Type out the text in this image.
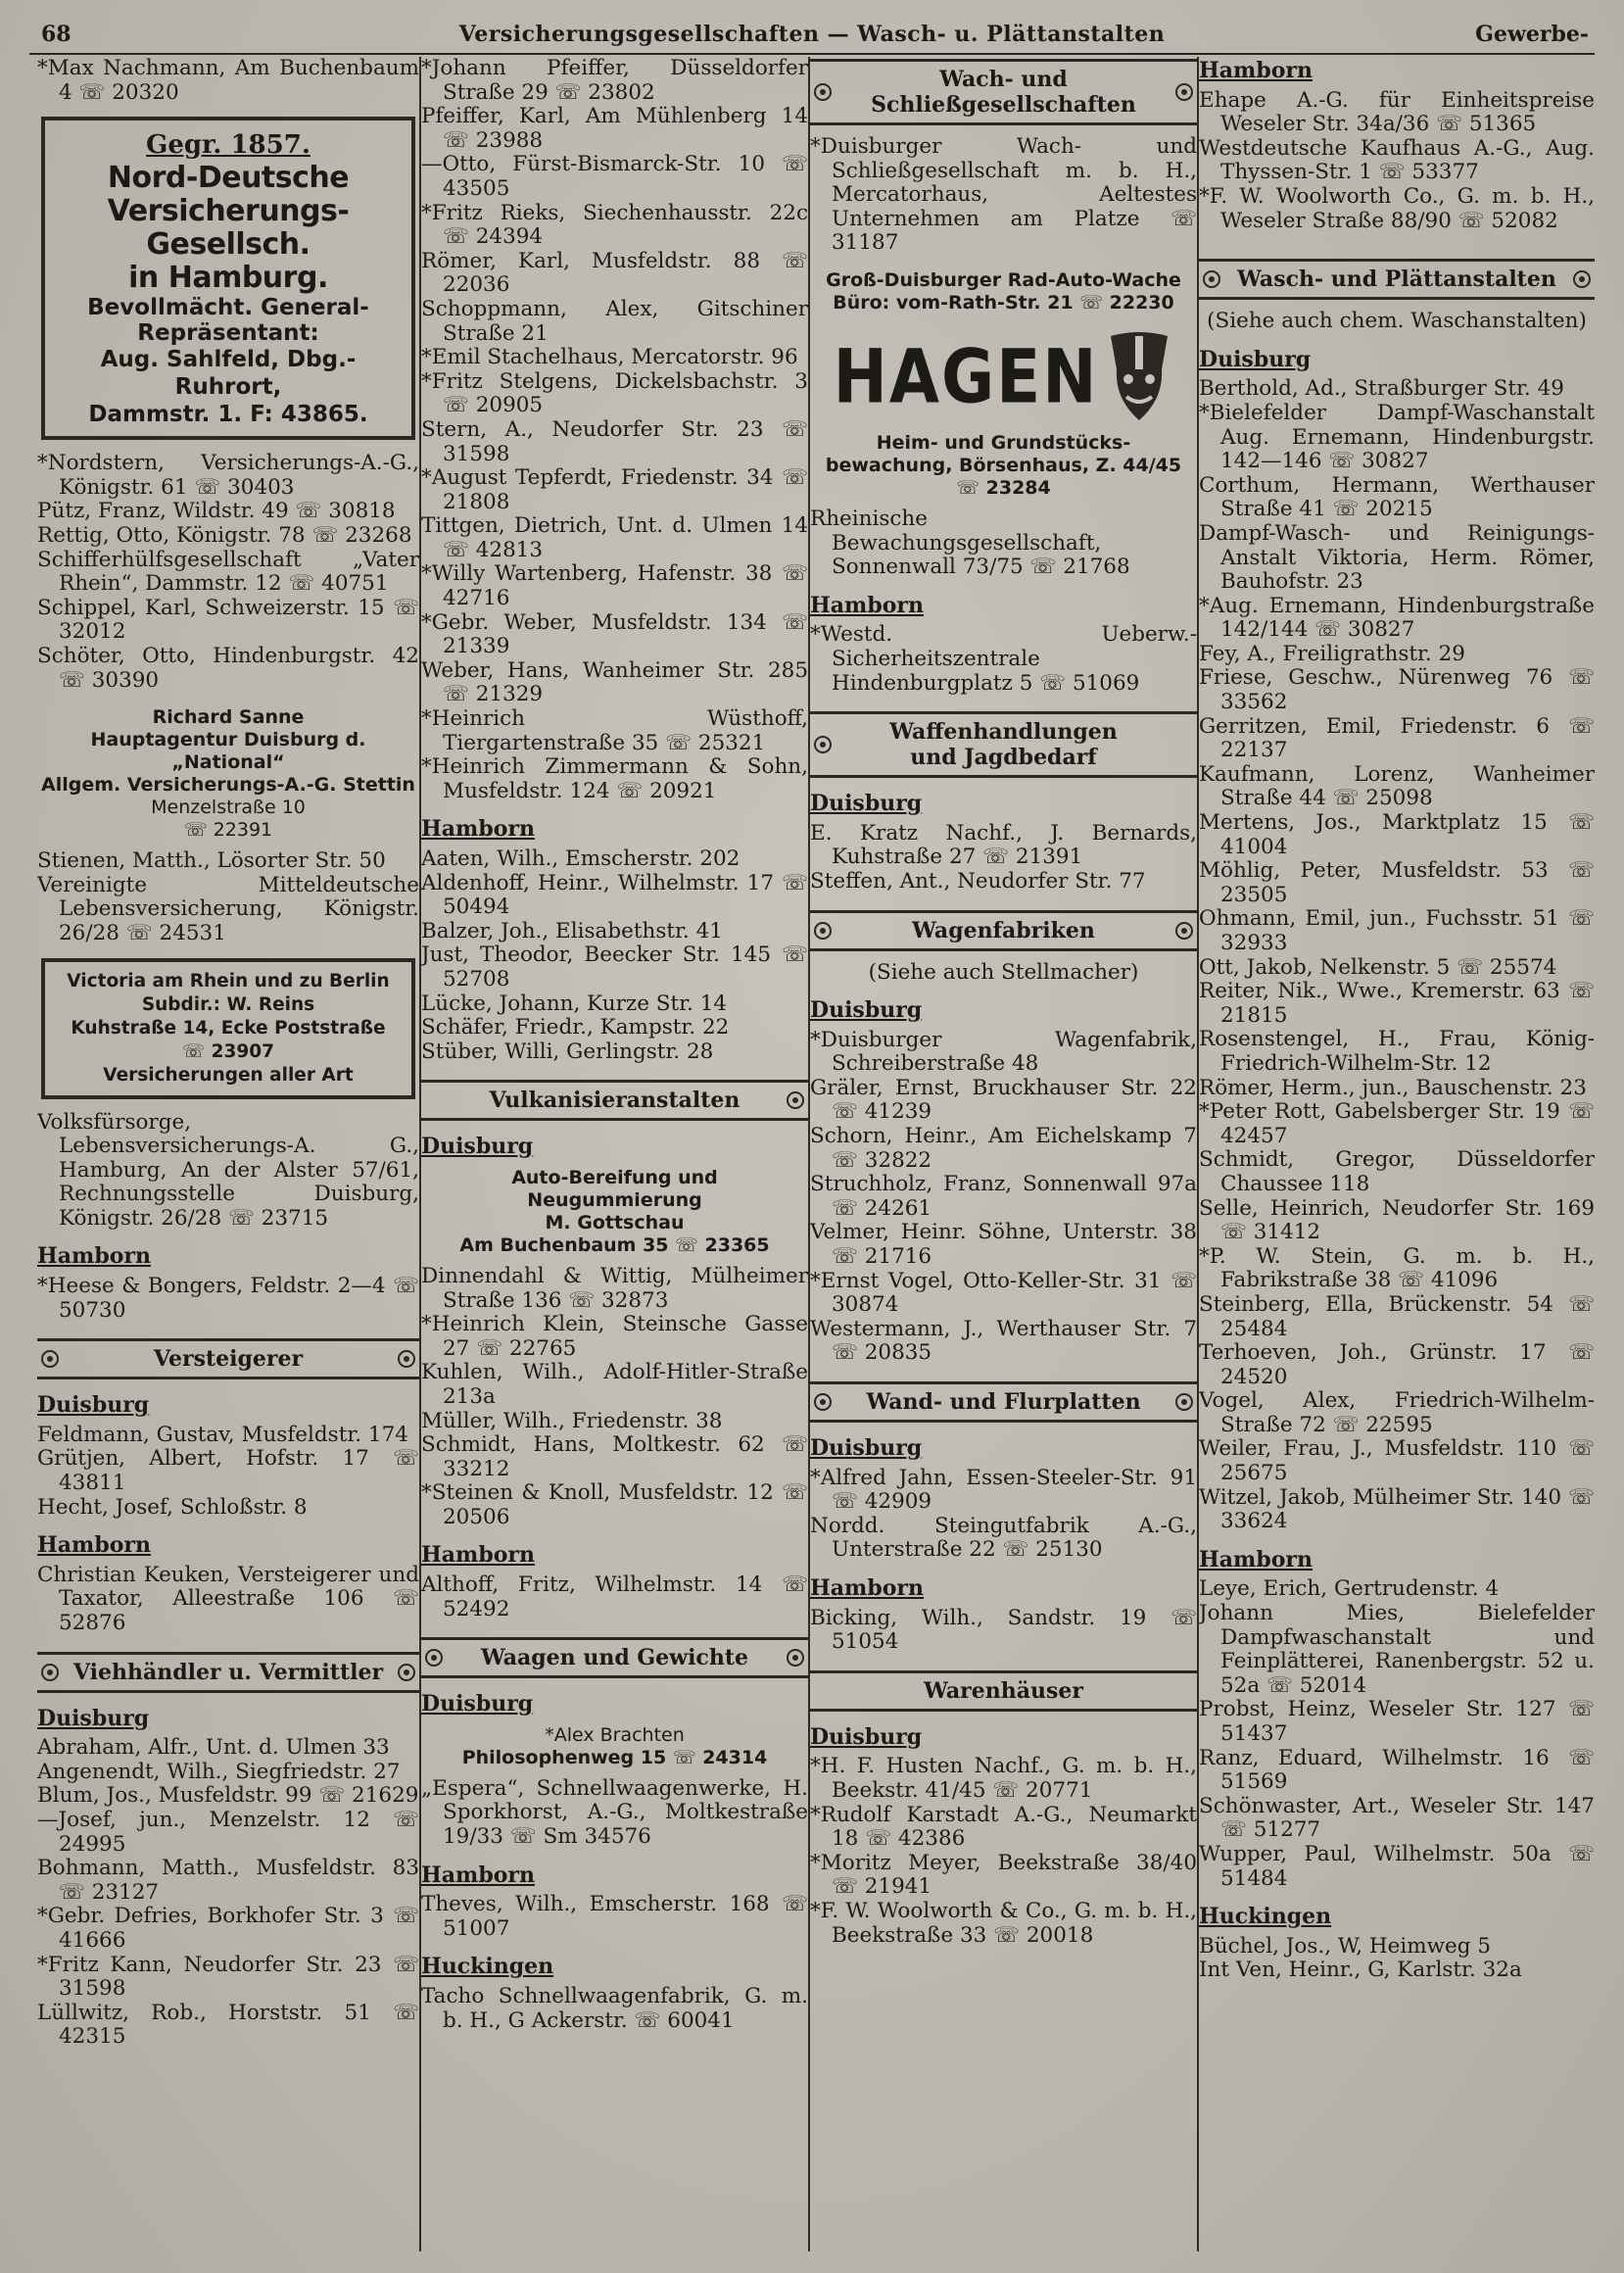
68	Versicherungsgesellschaften — Wasch- u. Plättanstalten	Gewerbe-

*Max Nachmann, Am Buchenbaum 4 ☏ 20320

Gegr. 1857.
Nord-Deutsche
Versicherungs-Gesellsch.
in Hamburg.
Bevollmächt. General-
Repräsentant:
Aug. Sahlfeld, Dbg.-Ruhrort,
Dammstr. 1. F: 43865.

*Nordstern, Versicherungs-A.-G., Königstr. 61 ☏ 30403

Pütz, Franz, Wildstr. 49 ☏ 30818

Rettig, Otto, Königstr. 78 ☏ 23268

Schifferhülfsgesellschaft „Vater Rhein“, Dammstr. 12 ☏ 40751

Schippel, Karl, Schweizerstr. 15 ☏ 32012

Schöter, Otto, Hindenburgstr. 42 ☏ 30390

Richard Sanne
Hauptagentur Duisburg d. „National“
Allgem. Versicherungs-A.-G. Stettin
Menzelstraße 10
☏ 22391

Stienen, Matth., Lösorter Str. 50

Vereinigte Mitteldeutsche Lebensversicherung, Königstr. 26/28 ☏ 24531

Victoria am Rhein und zu Berlin
Subdir.: W. Reins
Kuhstraße 14, Ecke Poststraße
☏ 23907
Versicherungen aller Art

Volksfürsorge, Lebensversicherungs-A. G., Hamburg, An der Alster 57/61, Rechnungsstelle Duisburg, Königstr. 26/28 ☏ 23715

Hamborn

*Heese & Bongers, Feldstr. 2—4 ☏ 50730

Versteigerer
Duisburg

Feldmann, Gustav, Musfeldstr. 174

Grütjen, Albert, Hofstr. 17 ☏ 43811

Hecht, Josef, Schloßstr. 8

Hamborn

Christian Keuken, Versteigerer und Taxator, Alleestraße 106 ☏ 52876

Viehhändler u. Vermittler
Duisburg

Abraham, Alfr., Unt. d. Ulmen 33

Angenendt, Wilh., Siegfriedstr. 27

Blum, Jos., Musfeldstr. 99 ☏ 21629

—Josef, jun., Menzelstr. 12 ☏ 24995

Bohmann, Matth., Musfeldstr. 83 ☏ 23127

*Gebr. Defries, Borkhofer Str. 3 ☏ 41666

*Fritz Kann, Neudorfer Str. 23 ☏ 31598

Lüllwitz, Rob., Horststr. 51 ☏ 42315

*Johann Pfeiffer, Düsseldorfer Straße 29 ☏ 23802

Pfeiffer, Karl, Am Mühlenberg 14 ☏ 23988

—Otto, Fürst-Bismarck-Str. 10 ☏ 43505

*Fritz Rieks, Siechenhausstr. 22c ☏ 24394

Römer, Karl, Musfeldstr. 88 ☏ 22036

Schoppmann, Alex, Gitschiner Straße 21

*Emil Stachelhaus, Mercatorstr. 96

*Fritz Stelgens, Dickelsbachstr. 3 ☏ 20905

Stern, A., Neudorfer Str. 23 ☏ 31598

*August Tepferdt, Friedenstr. 34 ☏ 21808

Tittgen, Dietrich, Unt. d. Ulmen 14 ☏ 42813

*Willy Wartenberg, Hafenstr. 38 ☏ 42716

*Gebr. Weber, Musfeldstr. 134 ☏ 21339

Weber, Hans, Wanheimer Str. 285 ☏ 21329

*Heinrich Wüsthoff, Tiergartenstraße 35 ☏ 25321

*Heinrich Zimmermann & Sohn, Musfeldstr. 124 ☏ 20921

Hamborn

Aaten, Wilh., Emscherstr. 202

Aldenhoff, Heinr., Wilhelmstr. 17 ☏ 50494

Balzer, Joh., Elisabethstr. 41

Just, Theodor, Beecker Str. 145 ☏ 52708

Lücke, Johann, Kurze Str. 14

Schäfer, Friedr., Kampstr. 22

Stüber, Willi, Gerlingstr. 28

Vulkanisieranstalten
Duisburg
Auto-Bereifung und Neugummierung
M. Gottschau
Am Buchenbaum 35 ☏ 23365

Dinnendahl & Wittig, Mülheimer Straße 136 ☏ 32873

*Heinrich Klein, Steinsche Gasse 27 ☏ 22765

Kuhlen, Wilh., Adolf-Hitler-Straße 213a

Müller, Wilh., Friedenstr. 38

Schmidt, Hans, Moltkestr. 62 ☏ 33212

*Steinen & Knoll, Musfeldstr. 12 ☏ 20506

Hamborn

Althoff, Fritz, Wilhelmstr. 14 ☏ 52492

Waagen und Gewichte
Duisburg
*Alex Brachten
Philosophenweg 15 ☏ 24314

„Espera“, Schnellwaagenwerke, H. Sporkhorst, A.-G., Moltkestraße 19/33 ☏ Sm 34576

Hamborn

Theves, Wilh., Emscherstr. 168 ☏ 51007

Huckingen

Tacho Schnellwaagenfabrik, G. m. b. H., G Ackerstr. ☏ 60041

Wach- und
Schließgesellschaften

*Duisburger Wach- und Schließgesellschaft m. b. H., Mercatorhaus, Aeltestes Unternehmen am Platze ☏ 31187

Groß-Duisburger Rad-Auto-Wache
Büro: vom-Rath-Str. 21 ☏ 22230
HAGEN
Heim- und Grundstücks-
bewachung, Börsenhaus, Z. 44/45
☏ 23284

Rheinische Bewachungsgesellschaft, Sonnenwall 73/75 ☏ 21768

Hamborn

*Westd. Ueberw.-Sicherheitszentrale Hindenburgplatz 5 ☏ 51069

Waffenhandlungen
und Jagdbedarf
Duisburg

E. Kratz Nachf., J. Bernards, Kuhstraße 27 ☏ 21391

Steffen, Ant., Neudorfer Str. 77

Wagenfabriken
(Siehe auch Stellmacher)
Duisburg

*Duisburger Wagenfabrik, Schreiberstraße 48

Gräler, Ernst, Bruckhauser Str. 22 ☏ 41239

Schorn, Heinr., Am Eichelskamp 7 ☏ 32822

Struchholz, Franz, Sonnenwall 97a ☏ 24261

Velmer, Heinr. Söhne, Unterstr. 38 ☏ 21716

*Ernst Vogel, Otto-Keller-Str. 31 ☏ 30874

Westermann, J., Werthauser Str. 7 ☏ 20835

Wand- und Flurplatten
Duisburg

*Alfred Jahn, Essen-Steeler-Str. 91 ☏ 42909

Nordd. Steingutfabrik A.-G., Unterstraße 22 ☏ 25130

Hamborn

Bicking, Wilh., Sandstr. 19 ☏ 51054

Warenhäuser
Duisburg

*H. F. Husten Nachf., G. m. b. H., Beekstr. 41/45 ☏ 20771

*Rudolf Karstadt A.-G., Neumarkt 18 ☏ 42386

*Moritz Meyer, Beekstraße 38/40 ☏ 21941

*F. W. Woolworth & Co., G. m. b. H., Beekstraße 33 ☏ 20018

Hamborn

Ehape A.-G. für Einheitspreise Weseler Str. 34a/36 ☏ 51365

Westdeutsche Kaufhaus A.-G., Aug. Thyssen-Str. 1 ☏ 53377

*F. W. Woolworth Co., G. m. b. H., Weseler Straße 88/90 ☏ 52082

Wasch- und Plättanstalten
(Siehe auch chem. Waschanstalten)
Duisburg

Berthold, Ad., Straßburger Str. 49

*Bielefelder Dampf-Waschanstalt Aug. Ernemann, Hindenburgstr. 142—146 ☏ 30827

Corthum, Hermann, Werthauser Straße 41 ☏ 20215

Dampf-Wasch- und Reinigungs-Anstalt Viktoria, Herm. Römer, Bauhofstr. 23

*Aug. Ernemann, Hindenburgstraße 142/144 ☏ 30827

Fey, A., Freiligrathstr. 29

Friese, Geschw., Nürenweg 76 ☏ 33562

Gerritzen, Emil, Friedenstr. 6 ☏ 22137

Kaufmann, Lorenz, Wanheimer Straße 44 ☏ 25098

Mertens, Jos., Marktplatz 15 ☏ 41004

Möhlig, Peter, Musfeldstr. 53 ☏ 23505

Ohmann, Emil, jun., Fuchsstr. 51 ☏ 32933

Ott, Jakob, Nelkenstr. 5 ☏ 25574

Reiter, Nik., Wwe., Kremerstr. 63 ☏ 21815

Rosenstengel, H., Frau, König-Friedrich-Wilhelm-Str. 12

Römer, Herm., jun., Bauschenstr. 23

*Peter Rott, Gabelsberger Str. 19 ☏ 42457

Schmidt, Gregor, Düsseldorfer Chaussee 118

Selle, Heinrich, Neudorfer Str. 169 ☏ 31412

*P. W. Stein, G. m. b. H., Fabrikstraße 38 ☏ 41096

Steinberg, Ella, Brückenstr. 54 ☏ 25484

Terhoeven, Joh., Grünstr. 17 ☏ 24520

Vogel, Alex, Friedrich-Wilhelm-Straße 72 ☏ 22595

Weiler, Frau, J., Musfeldstr. 110 ☏ 25675

Witzel, Jakob, Mülheimer Str. 140 ☏ 33624

Hamborn

Leye, Erich, Gertrudenstr. 4

Johann Mies, Bielefelder Dampfwaschanstalt und Feinplätterei, Ranenbergstr. 52 u. 52a ☏ 52014

Probst, Heinz, Weseler Str. 127 ☏ 51437

Ranz, Eduard, Wilhelmstr. 16 ☏ 51569

Schönwaster, Art., Weseler Str. 147 ☏ 51277

Wupper, Paul, Wilhelmstr. 50a ☏ 51484

Huckingen

Büchel, Jos., W, Heimweg 5

Int Ven, Heinr., G, Karlstr. 32a
